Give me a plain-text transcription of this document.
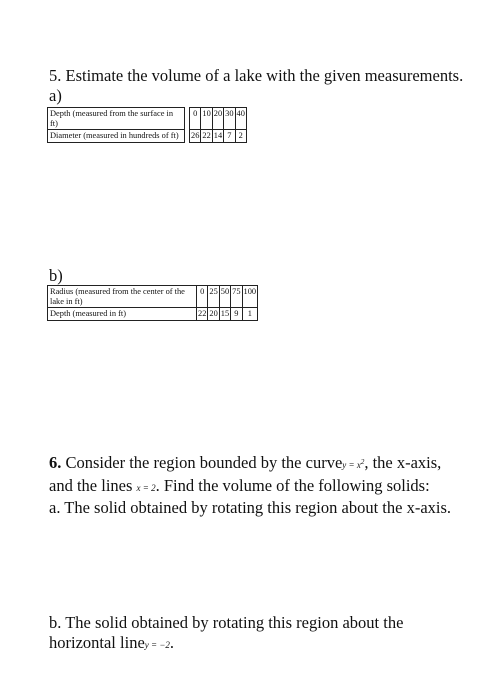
5. Estimate the volume of a lake with the given measurements.
a)
Depth (measured from the surface in ft)		0	10	20	30	40
Diameter (measured in hundreds of ft)		26	22	14	7	2
b)
Radius (measured from the center of the lake in ft)	0	25	50	75	100
Depth (measured in ft)	22	20	15	9	1

6. Consider the region bounded by the curvey = $x^2$, the x-axis, and the lines x = 2. Find the volume of the following solids:

a. The solid obtained by rotating this region about the x-axis.

b. The solid obtained by rotating this region about the horizontal liney = −2.
